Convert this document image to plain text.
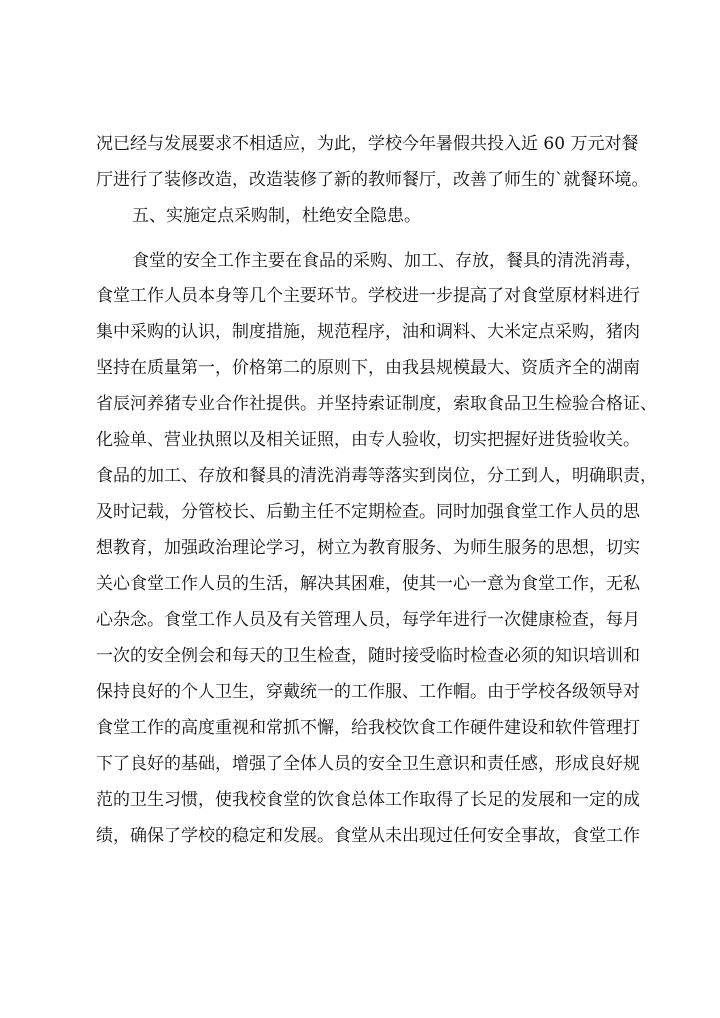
况已经与发展要求不相适应，为此，学校今年暑假共投入近 60 万元对餐
厅进行了装修改造，改造装修了新的教师餐厅，改善了师生的`就餐环境。
五、实施定点采购制，杜绝安全隐患。
食堂的安全工作主要在食品的采购、加工、存放，餐具的清洗消毒，
食堂工作人员本身等几个主要环节。学校进一步提高了对食堂原材料进行
集中采购的认识，制度措施，规范程序，油和调料、大米定点采购，猪肉
坚持在质量第一，价格第二的原则下，由我县规模最大、资质齐全的湖南
省辰河养猪专业合作社提供。并坚持索证制度，索取食品卫生检验合格证、
化验单、营业执照以及相关证照，由专人验收，切实把握好进货验收关。
食品的加工、存放和餐具的清洗消毒等落实到岗位，分工到人，明确职责，
及时记载，分管校长、后勤主任不定期检查。同时加强食堂工作人员的思
想教育，加强政治理论学习，树立为教育服务、为师生服务的思想，切实
关心食堂工作人员的生活，解决其困难，使其一心一意为食堂工作，无私
心杂念。食堂工作人员及有关管理人员，每学年进行一次健康检查，每月
一次的安全例会和每天的卫生检查，随时接受临时检查必须的知识培训和
保持良好的个人卫生，穿戴统一的工作服、工作帽。由于学校各级领导对
食堂工作的高度重视和常抓不懈，给我校饮食工作硬件建设和软件管理打
下了良好的基础，增强了全体人员的安全卫生意识和责任感，形成良好规
范的卫生习惯，使我校食堂的饮食总体工作取得了长足的发展和一定的成
绩，确保了学校的稳定和发展。食堂从未出现过任何安全事故，食堂工作
